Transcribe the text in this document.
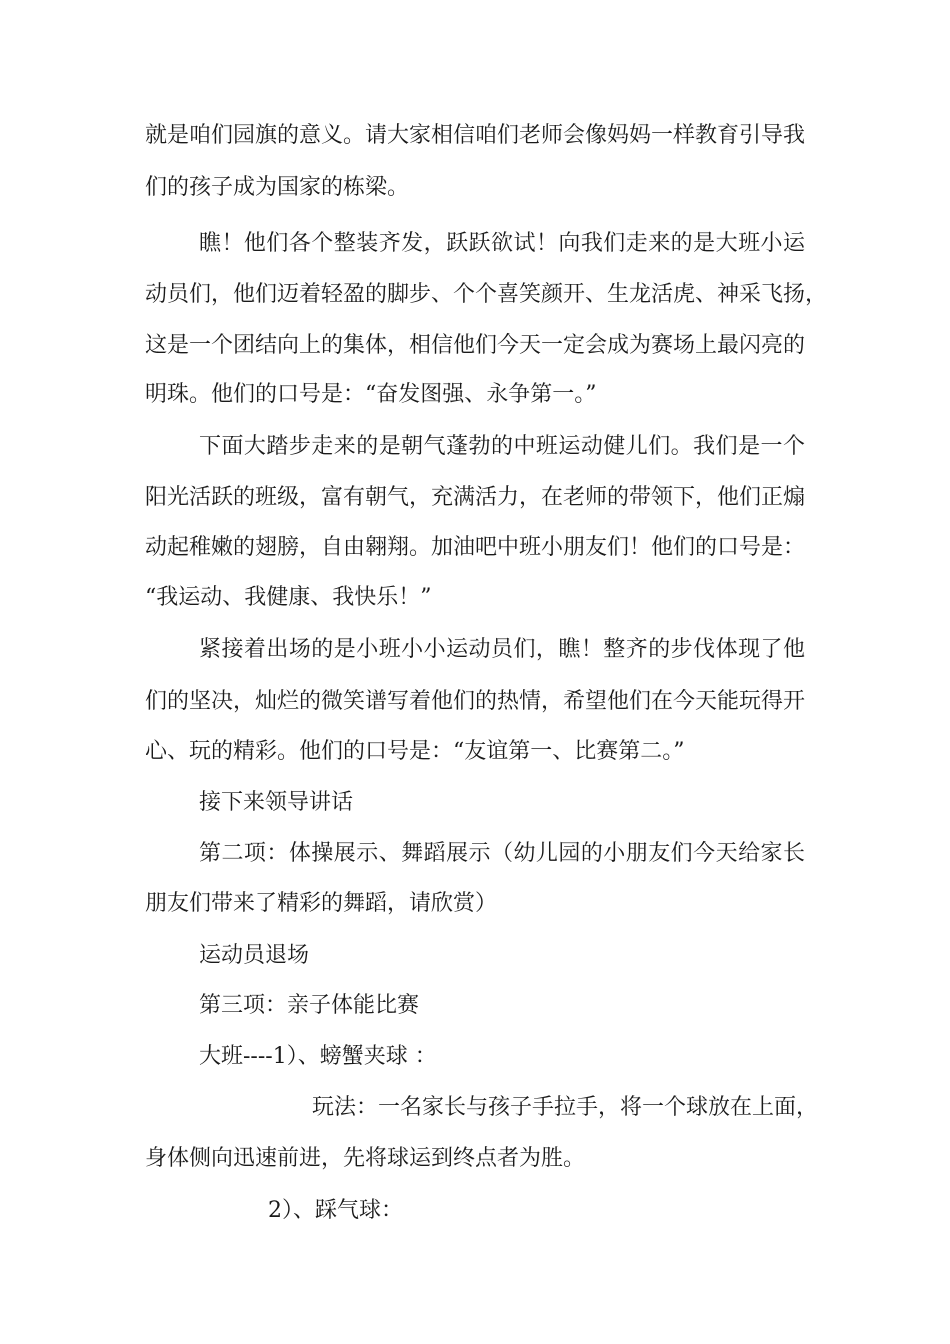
就是咱们园旗的意义。请大家相信咱们老师会像妈妈一样教育引导我

们的孩子成为国家的栋梁。

瞧！他们各个整装齐发，跃跃欲试！向我们走来的是大班小运

动员们，他们迈着轻盈的脚步、个个喜笑颜开、生龙活虎、神采飞扬，

这是一个团结向上的集体，相信他们今天一定会成为赛场上最闪亮的

明珠。他们的口号是：“奋发图强、永争第一。”

下面大踏步走来的是朝气蓬勃的中班运动健儿们。我们是一个

阳光活跃的班级，富有朝气，充满活力，在老师的带领下，他们正煽

动起稚嫩的翅膀，自由翱翔。加油吧中班小朋友们！他们的口号是：

“我运动、我健康、我快乐！”

紧接着出场的是小班小小运动员们，瞧！整齐的步伐体现了他

们的坚决，灿烂的微笑谱写着他们的热情，希望他们在今天能玩得开

心、玩的精彩。他们的口号是：“友谊第一、比赛第二。”

接下来领导讲话

第二项：体操展示、舞蹈展示（幼儿园的小朋友们今天给家长

朋友们带来了精彩的舞蹈，请欣赏）

运动员退场

第三项：亲子体能比赛

大班----1）、螃蟹夹球 ：

玩法：一名家长与孩子手拉手，将一个球放在上面，

身体侧向迅速前进，先将球运到终点者为胜。

2）、踩气球：
